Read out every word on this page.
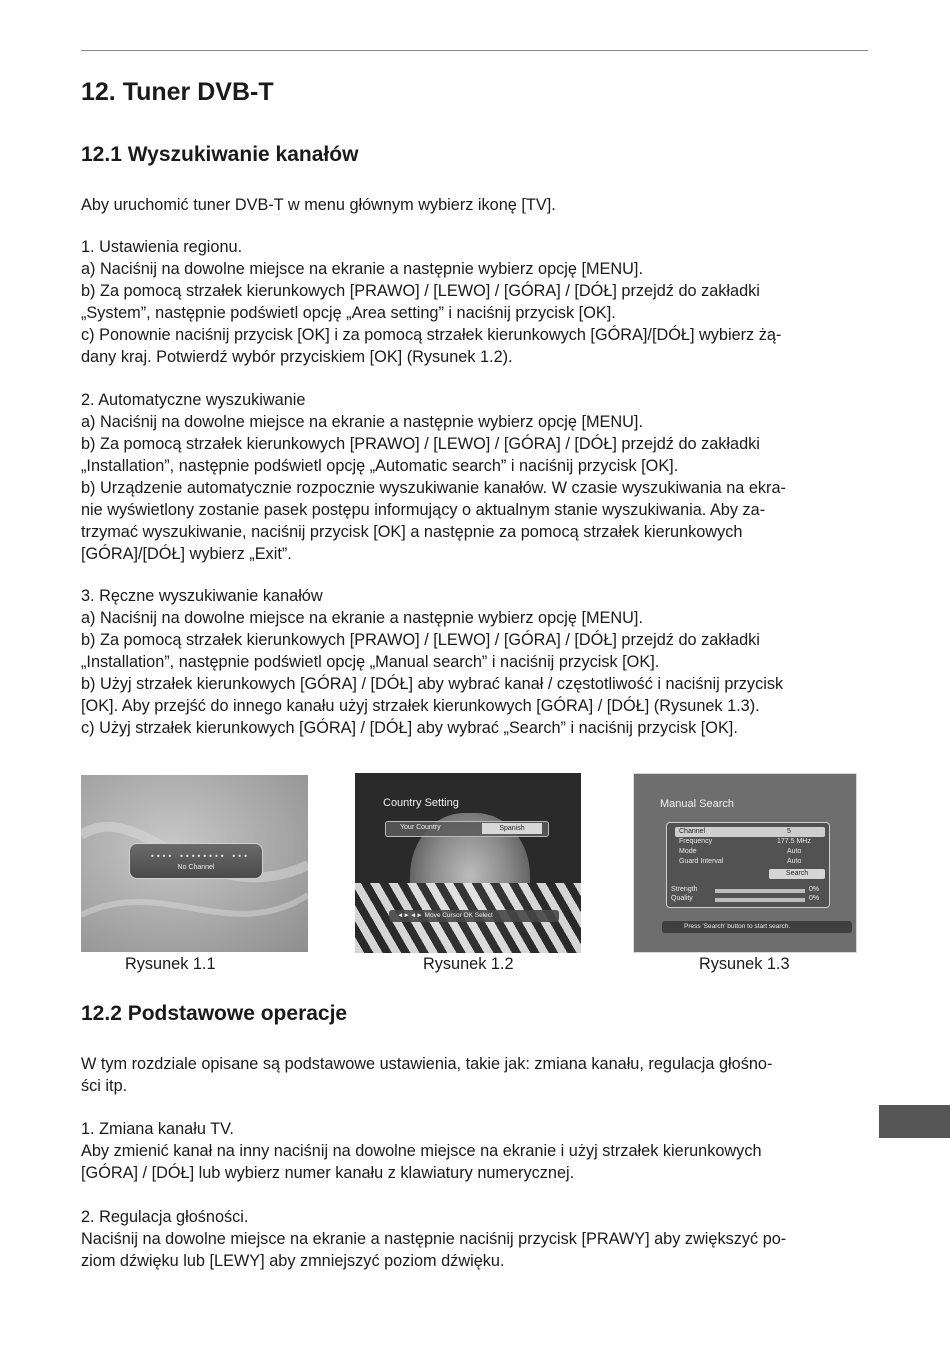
12. Tuner DVB-T
12.1 Wyszukiwanie kanałów

Aby uruchomić tuner DVB-T w menu głównym wybierz ikonę [TV].

1. Ustawienia regionu.
a) Naciśnij na dowolne miejsce na ekranie a następnie wybierz opcję [MENU].
b) Za pomocą strzałek kierunkowych [PRAWO] / [LEWO] / [GÓRA] / [DÓŁ] przejdź do zakładki
„System”, następnie podświetl opcję „Area setting” i naciśnij przycisk [OK].
c) Ponownie naciśnij przycisk [OK] i za pomocą strzałek kierunkowych [GÓRA]/[DÓŁ] wybierz żą-
dany kraj. Potwierdź wybór przyciskiem [OK] (Rysunek 1.2).
2. Automatyczne wyszukiwanie
a) Naciśnij na dowolne miejsce na ekranie a następnie wybierz opcję [MENU].
b) Za pomocą strzałek kierunkowych [PRAWO] / [LEWO] / [GÓRA] / [DÓŁ] przejdź do zakładki
„Installation”, następnie podświetl opcję „Automatic search” i naciśnij przycisk [OK].
b) Urządzenie automatycznie rozpocznie wyszukiwanie kanałów. W czasie wyszukiwania na ekra-
nie wyświetlony zostanie pasek postępu informujący o aktualnym stanie wyszukiwania. Aby za-
trzymać wyszukiwanie, naciśnij przycisk [OK] a następnie za pomocą strzałek kierunkowych
[GÓRA]/[DÓŁ] wybierz „Exit”.
3. Ręczne wyszukiwanie kanałów
a) Naciśnij na dowolne miejsce na ekranie a następnie wybierz opcję [MENU].
b) Za pomocą strzałek kierunkowych [PRAWO] / [LEWO] / [GÓRA] / [DÓŁ] przejdź do zakładki
„Installation”, następnie podświetl opcję „Manual search” i naciśnij przycisk [OK].
b) Użyj strzałek kierunkowych [GÓRA] / [DÓŁ] aby wybrać kanał / częstotliwość i naciśnij przycisk
[OK]. Aby przejść do innego kanału użyj strzałek kierunkowych [GÓRA] / [DÓŁ] (Rysunek 1.3).
c) Użyj strzałek kierunkowych [GÓRA] / [DÓŁ] aby wybrać „Search” i naciśnij przycisk [OK].
•••• •••••••• •••
No Channel
Rysunek 1.1
Country Setting
Your Country	Spanish
◄►◄► Move Cursor OK Select
Rysunek 1.2
Manual Search
Channel	5
Frequency	177.5 MHz
Mode	Auto
Guard Interval	Auto
Search
Strength	0%
Quality	0%
Press 'Search' button to start search.
Rysunek 1.3
12.2 Podstawowe operacje
W tym rozdziale opisane są podstawowe ustawienia, takie jak: zmiana kanału, regulacja głośno-
ści itp.
1. Zmiana kanału TV.
Aby zmienić kanał na inny naciśnij na dowolne miejsce na ekranie i użyj strzałek kierunkowych
[GÓRA] / [DÓŁ] lub wybierz numer kanału z klawiatury numerycznej.
2. Regulacja głośności.
Naciśnij na dowolne miejsce na ekranie a następnie naciśnij przycisk [PRAWY] aby zwiększyć po-
ziom dźwięku lub [LEWY] aby zmniejszyć poziom dźwięku.
